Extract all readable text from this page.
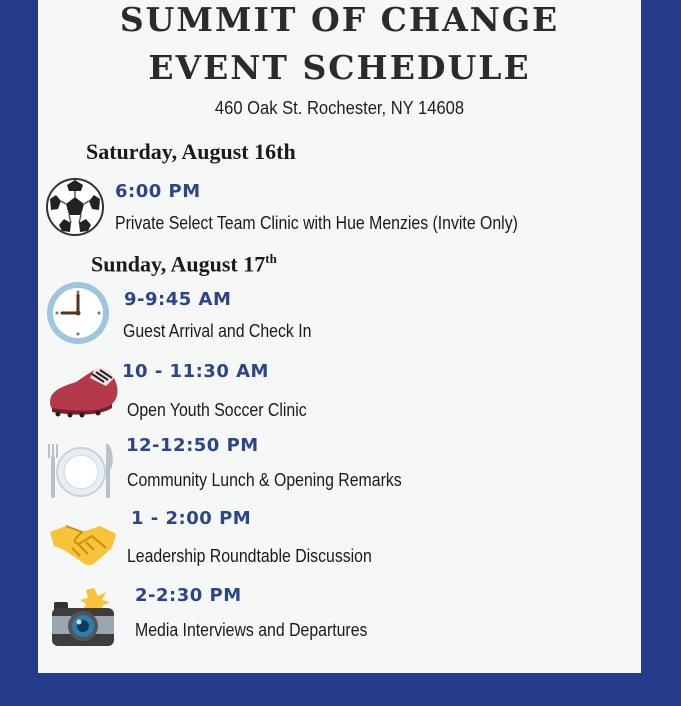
SUMMIT OF CHANGE
EVENT SCHEDULE
460 Oak St. Rochester, NY 14608
Saturday, August 16th
6:00 PM
Private Select Team Clinic with Hue Menzies (Invite Only)
Sunday, August 17th
9-9:45 AM
Guest Arrival and Check In
10 - 11:30 AM
Open Youth Soccer Clinic
12-12:50 PM
Community Lunch & Opening Remarks
1 - 2:00 PM
Leadership Roundtable Discussion
2-2:30 PM
Media Interviews and Departures
